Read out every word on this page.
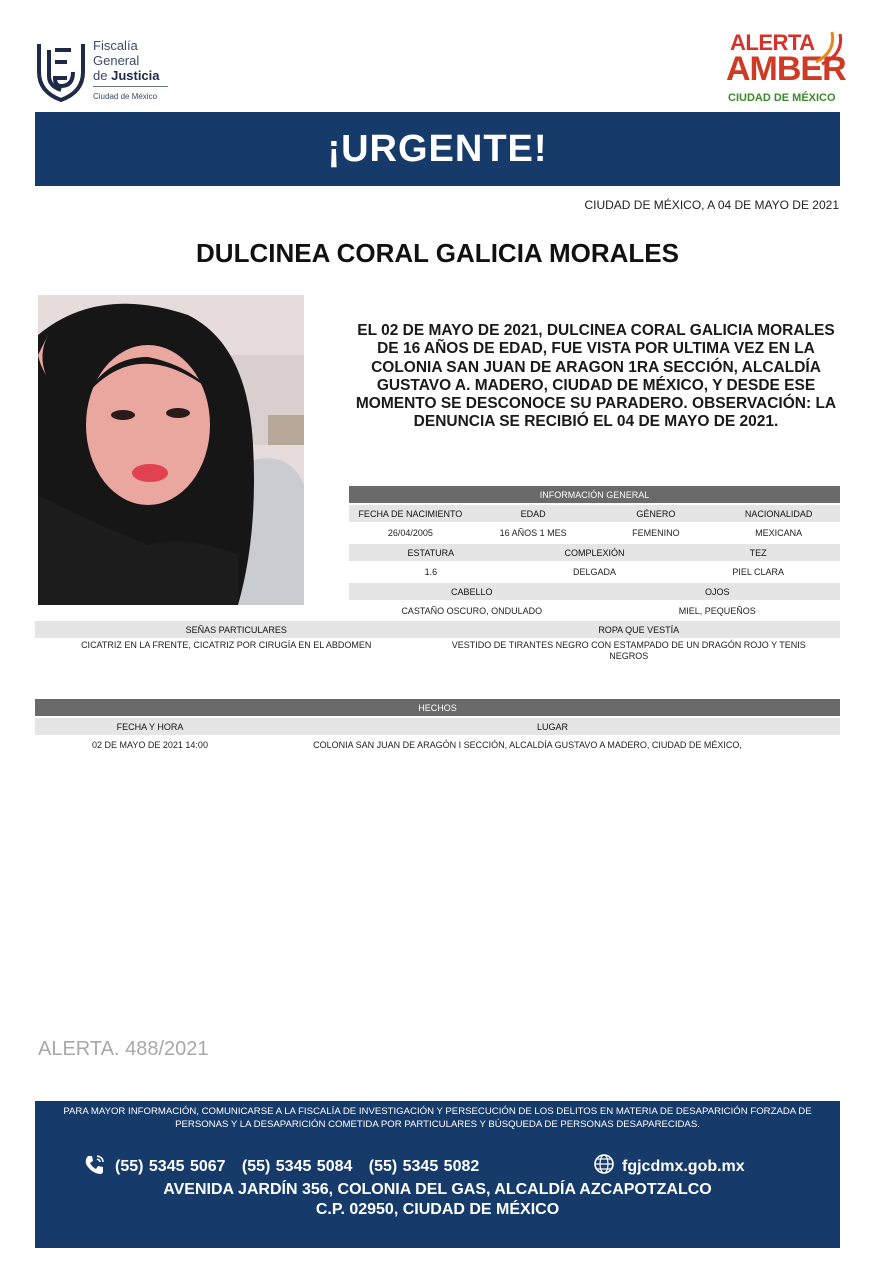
Fiscalía
General
de Justicia
Ciudad de México
ALERTA
AMBER
CIUDAD DE MÉXICO
¡URGENTE!
CIUDAD DE MÉXICO, A 04 DE MAYO DE 2021
DULCINEA CORAL GALICIA MORALES
EL 02 DE MAYO DE 2021, DULCINEA CORAL GALICIA MORALES DE 16 AÑOS DE EDAD, FUE VISTA POR ULTIMA VEZ EN LA COLONIA SAN JUAN DE ARAGON 1RA SECCIÓN, ALCALDÍA GUSTAVO A. MADERO, CIUDAD DE MÉXICO, Y DESDE ESE MOMENTO SE DESCONOCE SU PARADERO. OBSERVACIÓN: LA DENUNCIA SE RECIBIÓ EL 04 DE MAYO DE 2021.
INFORMACIÓN GENERAL
FECHA DE NACIMIENTO	EDAD	GÉNERO	NACIONALIDAD
26/04/2005	16 AÑOS 1 MES	FEMENINO	MEXICANA
ESTATURA	COMPLEXIÓN	TEZ
1.6	DELGADA	PIEL CLARA
CABELLO	OJOS
CASTAÑO OSCURO, ONDULADO	MIEL, PEQUEÑOS
SEÑAS PARTICULARES	ROPA QUE VESTÍA
CICATRIZ EN LA FRENTE, CICATRIZ POR CIRUGÍA EN EL ABDOMEN	VESTIDO DE TIRANTES NEGRO CON ESTAMPADO DE UN DRAGÓN ROJO Y TENIS NEGROS
HECHOS
FECHA Y HORA	LUGAR
02 DE MAYO DE 2021 14:00	COLONIA SAN JUAN DE ARAGÓN I SECCIÓN, ALCALDÍA GUSTAVO A MADERO, CIUDAD DE MÉXICO,
ALERTA. 488/2021
PARA MAYOR INFORMACIÓN, COMUNICARSE A LA FISCALÍA DE INVESTIGACIÓN Y PERSECUCIÓN DE LOS DELITOS EN MATERIA DE DESAPARICIÓN FORZADA DE PERSONAS Y LA DESAPARICIÓN COMETIDA POR PARTICULARES Y BÚSQUEDA DE PERSONAS DESAPARECIDAS.
(55) 5345 5067   (55) 5345 5084   (55) 5345 5082	fgjcdmx.gob.mx
AVENIDA JARDÍN 356, COLONIA DEL GAS, ALCALDÍA AZCAPOTZALCO
C.P. 02950, CIUDAD DE MÉXICO
